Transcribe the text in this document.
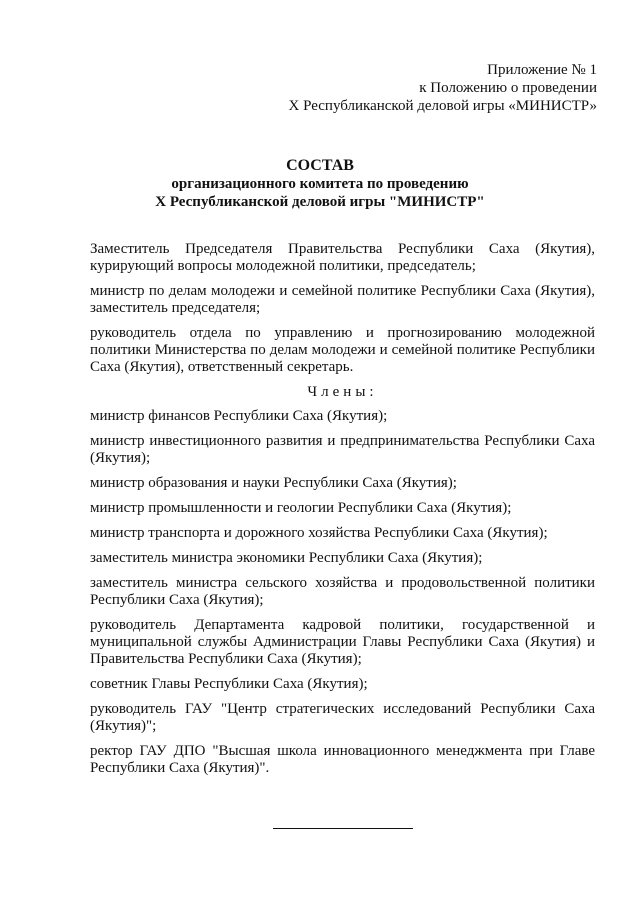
Приложение № 1
к Положению о проведении
Х Республиканской деловой игры «МИНИСТР»
СОСТАВ
организационного комитета по проведению
Х Республиканской деловой игры "МИНИСТР"

Заместитель Председателя Правительства Республики Саха (Якутия), курирующий вопросы молодежной политики, председатель;

министр по делам молодежи и семейной политике Республики Саха (Якутия), заместитель председателя;

руководитель отдела по управлению и прогнозированию молодежной политики Министерства по делам молодежи и семейной политике Республики Саха (Якутия), ответственный секретарь.

Члены:

министр финансов Республики Саха (Якутия);

министр инвестиционного развития и предпринимательства Республики Саха (Якутия);

министр образования и науки Республики Саха (Якутия);

министр промышленности и геологии Республики Саха (Якутия);

министр транспорта и дорожного хозяйства Республики Саха (Якутия);

заместитель министра экономики Республики Саха (Якутия);

заместитель министра сельского хозяйства и продовольственной политики Республики Саха (Якутия);

руководитель Департамента кадровой политики, государственной и муниципальной службы Администрации Главы Республики Саха (Якутия) и Правительства Республики Саха (Якутия);

советник Главы Республики Саха (Якутия);

руководитель ГАУ "Центр стратегических исследований Республики Саха (Якутия)";

ректор ГАУ ДПО "Высшая школа инновационного менеджмента при Главе Республики Саха (Якутия)".
